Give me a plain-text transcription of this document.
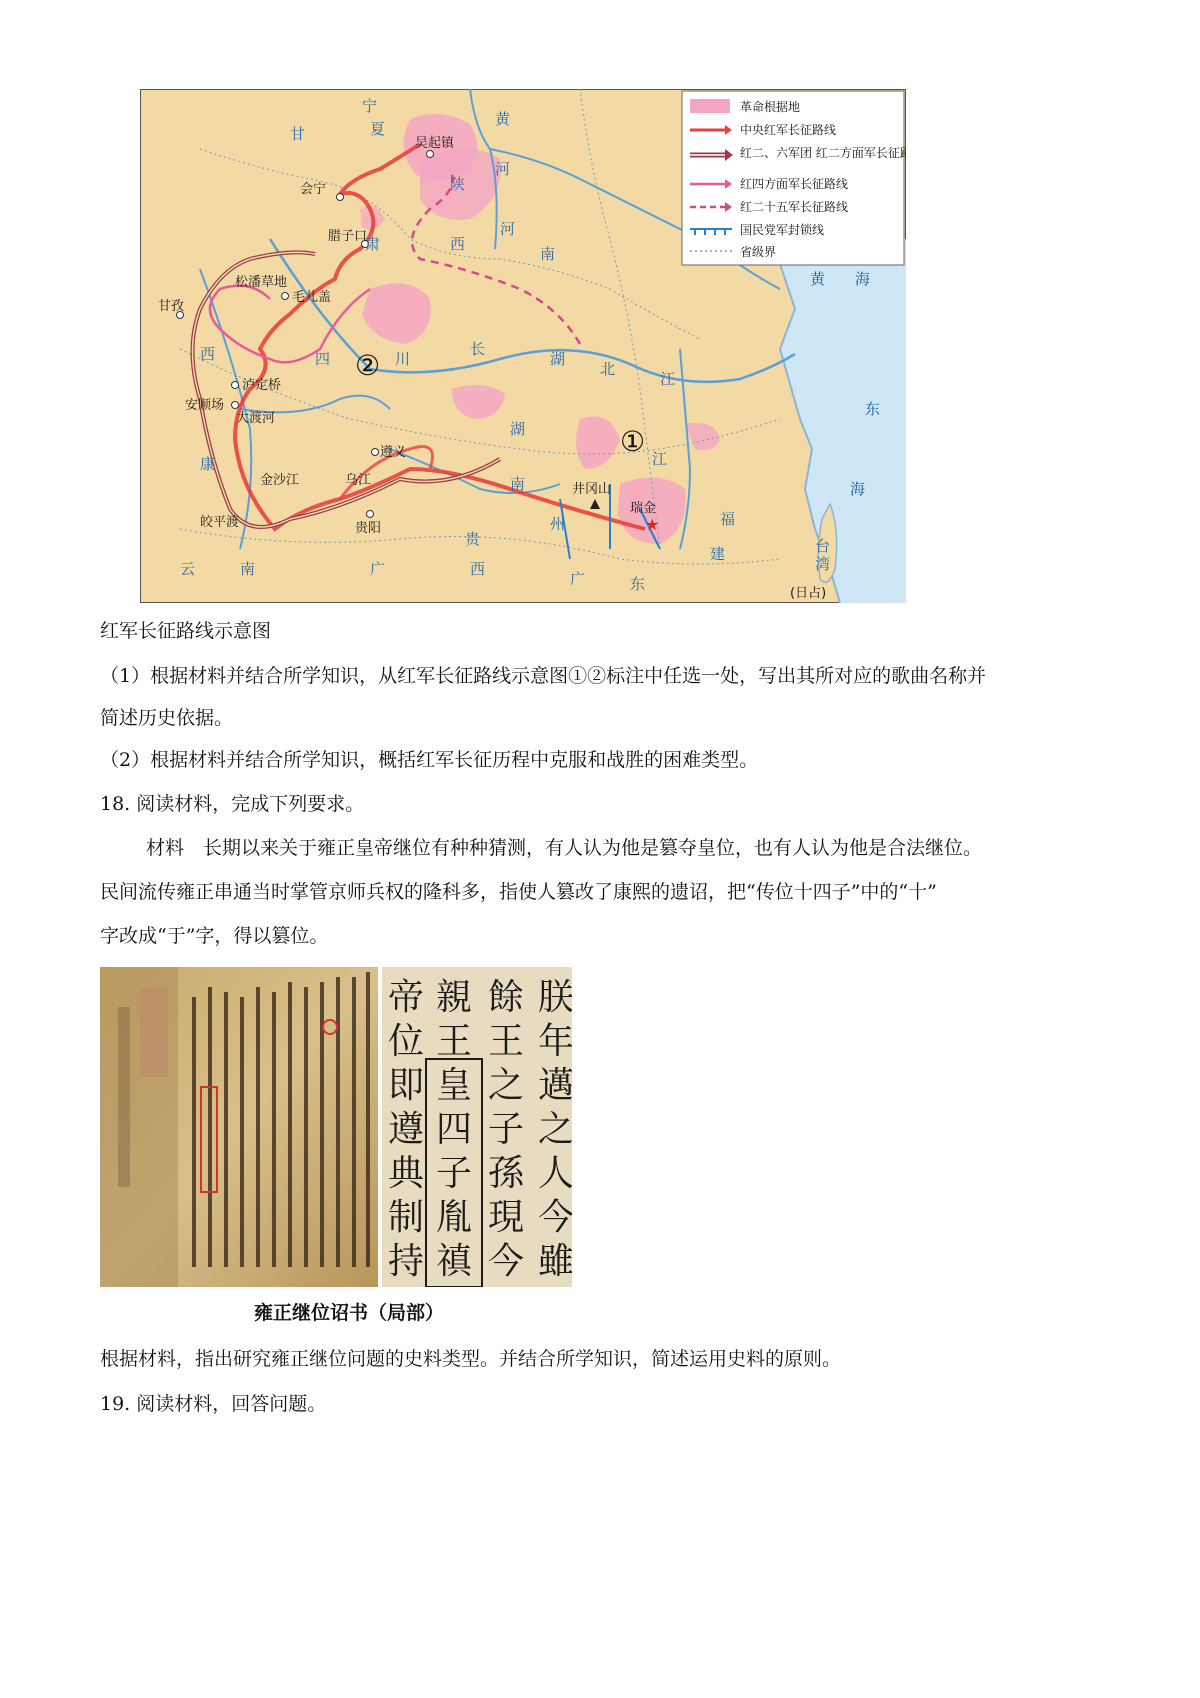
吴起镇
会宁
腊子口
松潘草地
毛儿盖
甘孜
泸定桥
安顺场
大渡河
遵义
贵阳
皎平渡
井冈山
瑞金
★
金沙江	乌江
宁
甘	夏
陕
黄
河
西
南
河
肃
四	川
长
湖
北
江
西
康
贵
湖
南
州
云	南	广	西
广	东
江
福
建	台
湾
黄 海
东
海
①
②
(日占)
革命根据地
中央红军长征路线
红二、六军团 红二方面军长征路线
红四方面军长征路线
红二十五军长征路线
国民党军封锁线
省级界
红军长征路线示意图
（1）根据材料并结合所学知识，从红军长征路线示意图①②标注中任选一处，写出其所对应的歌曲名称并
简述历史依据。
（2）根据材料并结合所学知识，概括红军长征历程中克服和战胜的困难类型。
18. 阅读材料，完成下列要求。
材料　长期以来关于雍正皇帝继位有种种猜测，有人认为他是篡夺皇位，也有人认为他是合法继位。
民间流传雍正串通当时掌管京师兵权的隆科多，指使人篡改了康熙的遗诏，把“传位十四子”中的“十”
字改成“于”字，得以篡位。
朕
年
邁
之
人
今
雖
餘
王
之
子
孫
現
今
親
王
皇
四
子
胤
禛
帝
位
即
遵
典
制
持
雍正继位诏书（局部）
根据材料，指出研究雍正继位问题的史料类型。并结合所学知识，简述运用史料的原则。
19. 阅读材料，回答问题。
